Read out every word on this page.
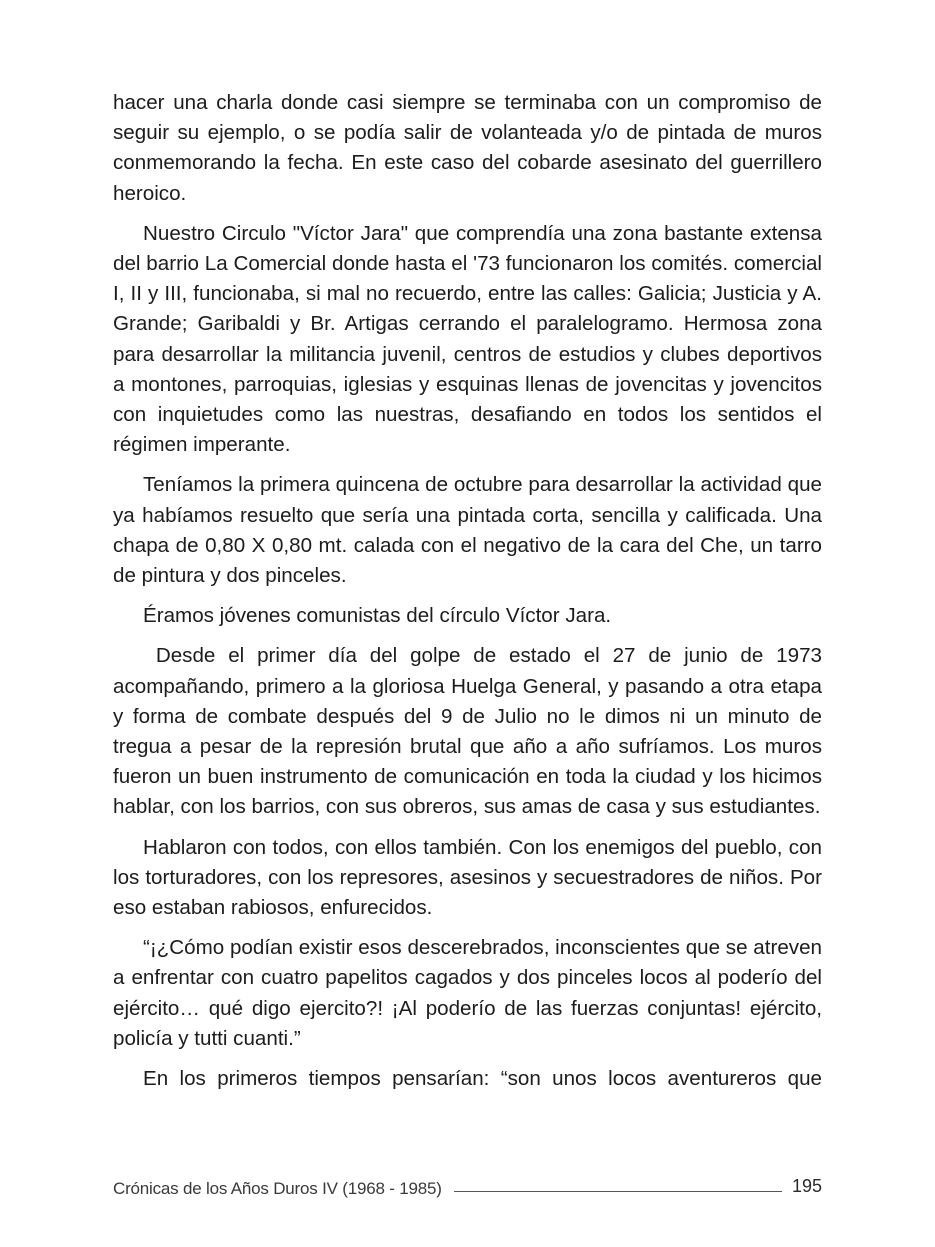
hacer una charla donde casi siempre se terminaba con un compromiso de seguir su ejemplo, o se podía salir de volanteada y/o de pintada de muros conmemorando la fecha. En este caso del cobarde asesinato del guerrillero heroico.

Nuestro Circulo "Víctor Jara" que comprendía una zona bastante extensa del barrio La Comercial donde hasta el '73 funcionaron los comités. comercial I, II y III, funcionaba, si mal no recuerdo, entre las calles: Galicia; Justicia y A. Grande; Garibaldi y Br. Artigas cerrando el paralelogramo. Hermosa zona para desarrollar la militancia juvenil, centros de estudios y clubes deportivos a montones, parroquias, iglesias y esquinas llenas de jovencitas y jovencitos con inquietudes como las nuestras, desafiando en todos los sentidos el régimen imperante.

Teníamos la primera quincena de octubre para desarrollar la actividad que ya habíamos resuelto que sería una pintada corta, sencilla y calificada. Una chapa de 0,80 X 0,80 mt. calada con el negativo de la cara del Che, un tarro de pintura y dos pinceles.

Éramos jóvenes comunistas del círculo Víctor Jara.

Desde el primer día del golpe de estado el 27 de junio de 1973 acompañando, primero a la gloriosa Huelga General, y pasando a otra etapa y forma de combate después del 9 de Julio no le dimos ni un minuto de tregua a pesar de la represión brutal que año a año sufríamos. Los muros fueron un buen instrumento de comunicación en toda la ciudad y los hicimos hablar, con los barrios, con sus obreros, sus amas de casa y sus estudiantes.

Hablaron con todos, con ellos también. Con los enemigos del pueblo, con los torturadores, con los represores, asesinos y secuestradores de niños. Por eso estaban rabiosos, enfurecidos.

“¡¿Cómo podían existir esos descerebrados, inconscientes que se atreven a enfrentar con cuatro papelitos cagados y dos pinceles locos al poderío del ejército… qué digo ejercito?! ¡Al poderío de las fuerzas conjuntas! ejército, policía y tutti cuanti.”

En los primeros tiempos pensarían: “son unos locos aventureros que

Crónicas de los Años Duros IV (1968 - 1985)	195
